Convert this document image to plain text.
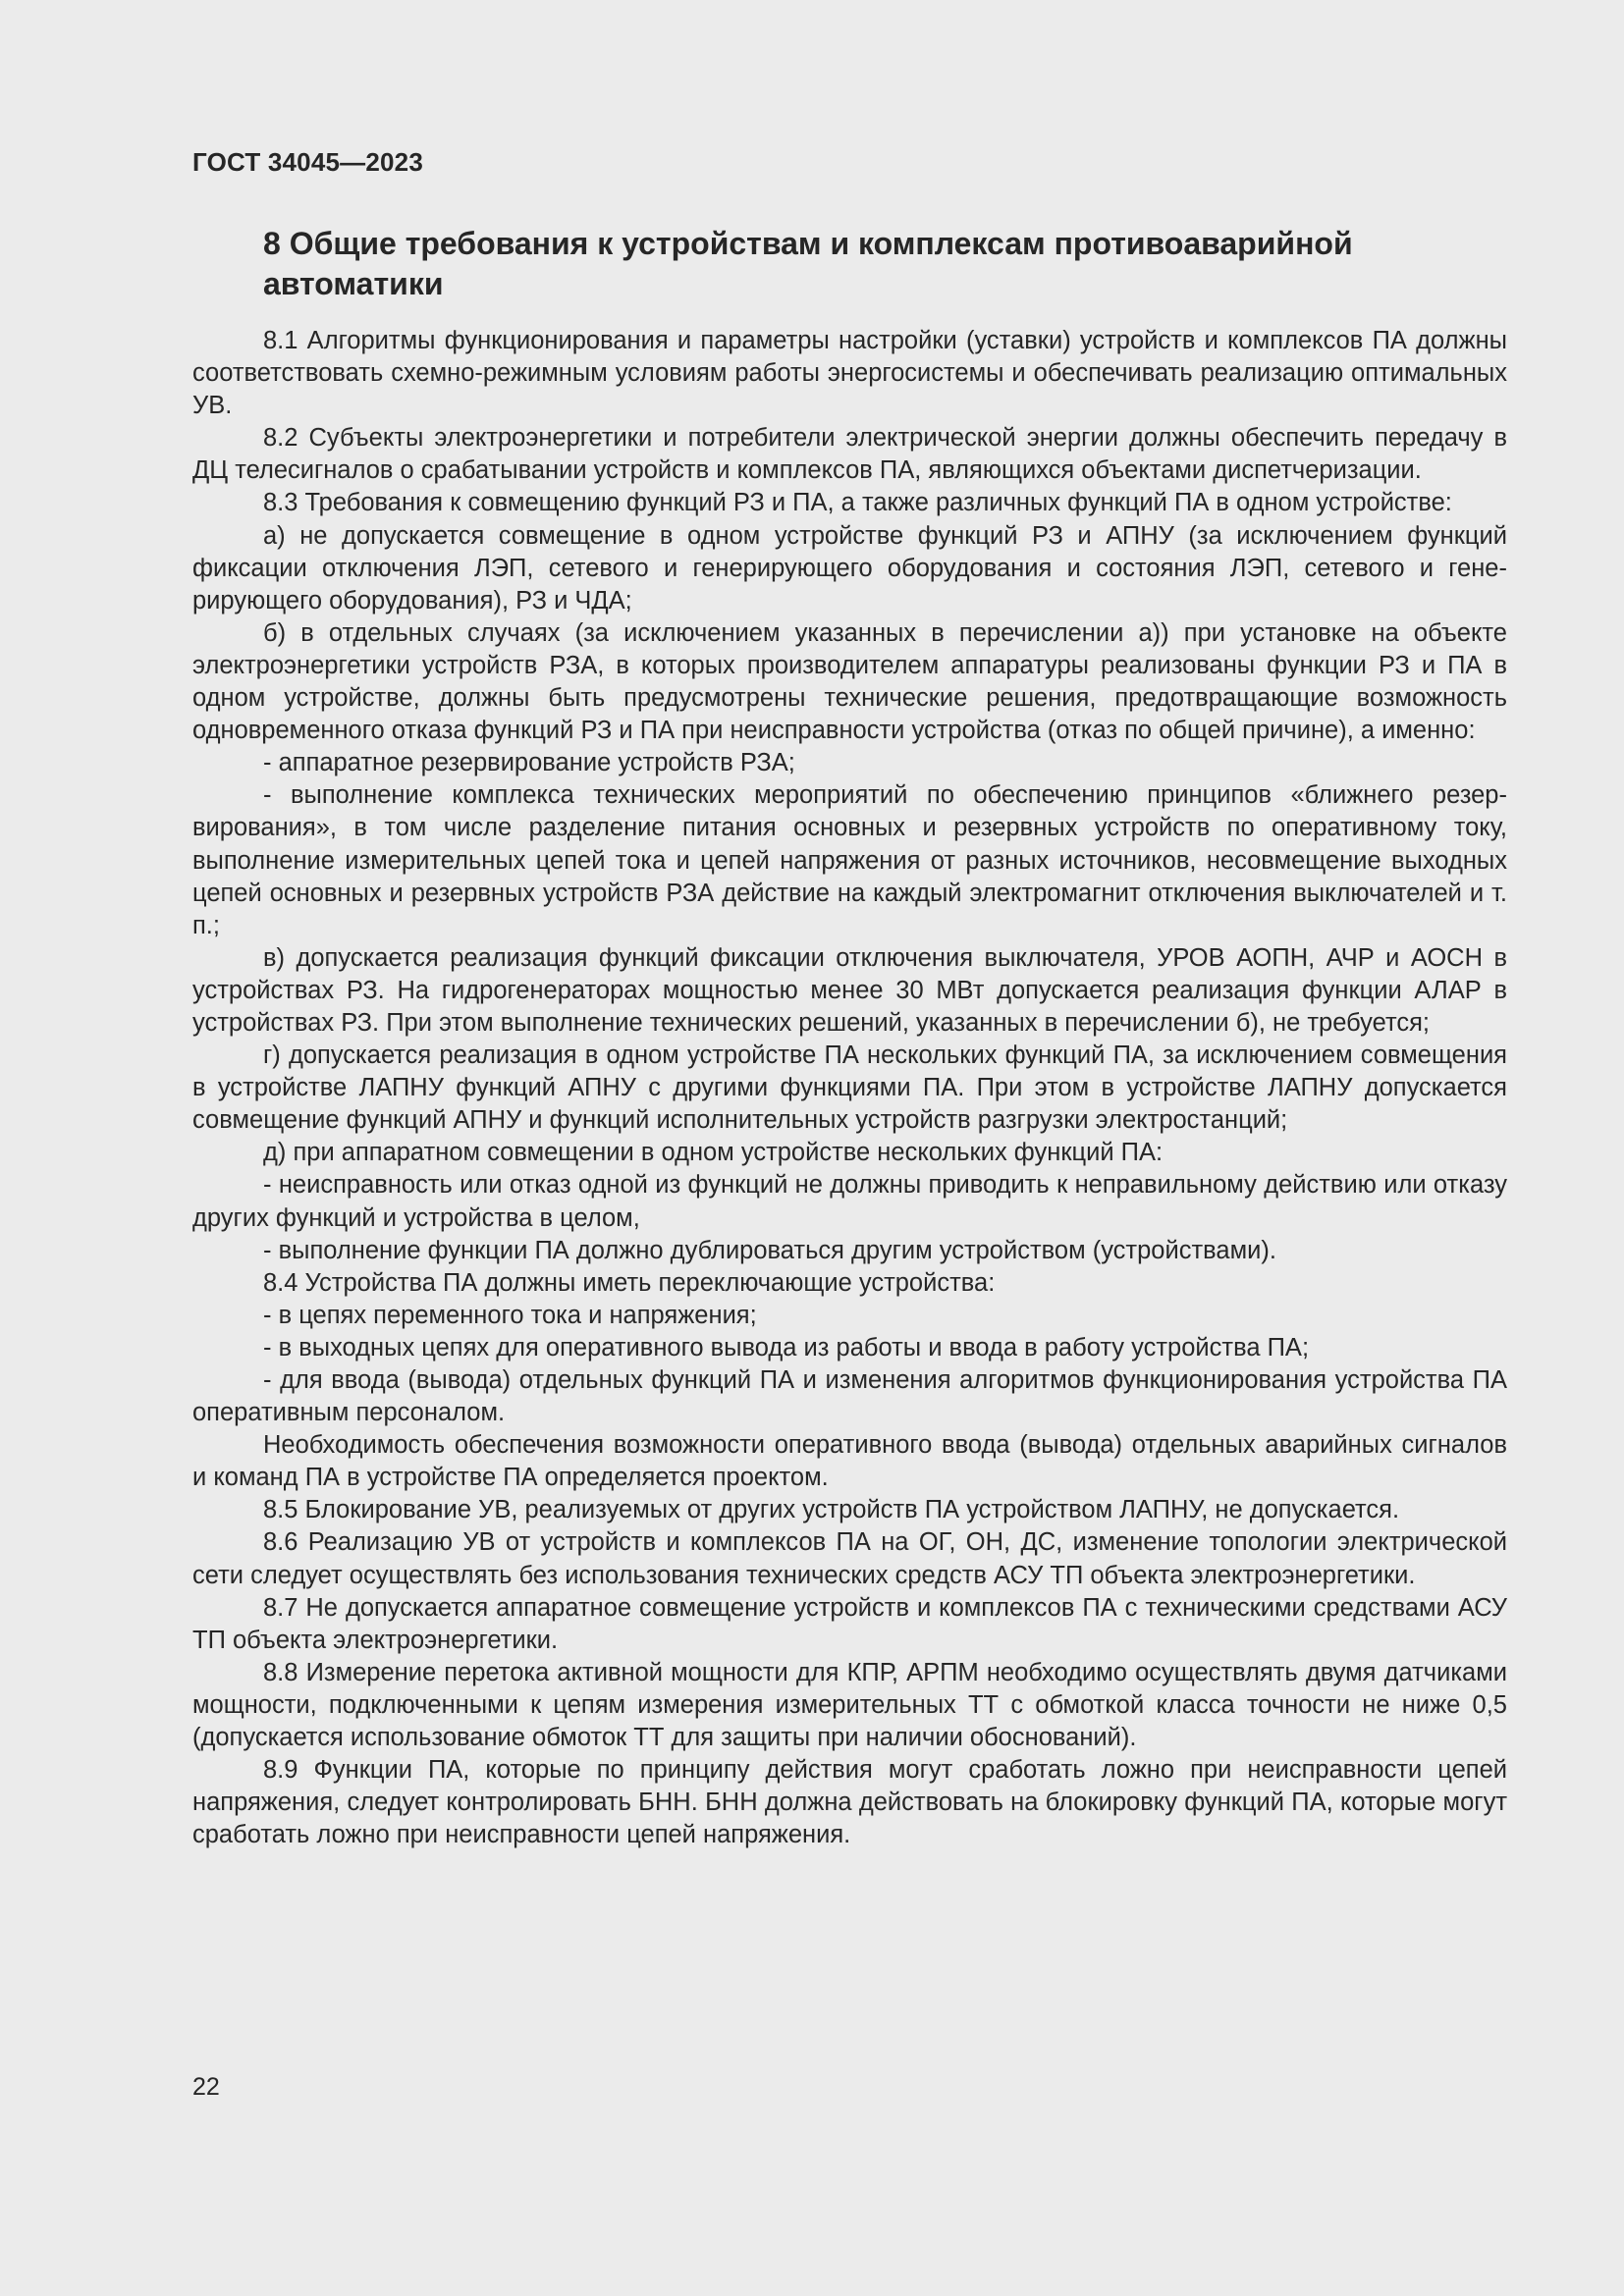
ГОСТ 34045—2023
8 Общие требования к устройствам и комплексам противоаварийной
автоматики

8.1 Алгоритмы функционирования и параметры настройки (уставки) устройств и комплексов ПА должны соответствовать схемно-режимным условиям работы энергосистемы и обеспечивать реализацию оптимальных УВ.

8.2 Субъекты электроэнергетики и потребители электрической энергии должны обеспечить передачу в ДЦ телесигналов о срабатывании устройств и комплексов ПА, являющихся объектами диспетчеризации.

8.3 Требования к совмещению функций РЗ и ПА, а также различных функций ПА в одном устройстве:

а) не допускается совмещение в одном устройстве функций РЗ и АПНУ (за исключением функций фиксации отключения ЛЭП, сетевого и генерирующего оборудования и состояния ЛЭП, сетевого и генерирующего оборудования), РЗ и ЧДА;

б) в отдельных случаях (за исключением указанных в перечислении а)) при установке на объекте электроэнергетики устройств РЗА, в которых производителем аппаратуры реализованы функции РЗ и ПА в одном устройстве, должны быть предусмотрены технические решения, предотвращающие возможность одновременного отказа функций РЗ и ПА при неисправности устройства (отказ по общей причине), а именно:

- аппаратное резервирование устройств РЗА;

- выполнение комплекса технических мероприятий по обеспечению принципов «ближнего резервирования», в том числе разделение питания основных и резервных устройств по оперативному току, выполнение измерительных цепей тока и цепей напряжения от разных источников, несовмещение выходных цепей основных и резервных устройств РЗА действие на каждый электромагнит отключения выключателей и т. п.;

в) допускается реализация функций фиксации отключения выключателя, УРОВ АОПН, АЧР и АОСН в устройствах РЗ. На гидрогенераторах мощностью менее 30 МВт допускается реализация функции АЛАР в устройствах РЗ. При этом выполнение технических решений, указанных в перечислении б), не требуется;

г) допускается реализация в одном устройстве ПА нескольких функций ПА, за исключением совмещения в устройстве ЛАПНУ функций АПНУ с другими функциями ПА. При этом в устройстве ЛАПНУ допускается совмещение функций АПНУ и функций исполнительных устройств разгрузки электростанций;

д) при аппаратном совмещении в одном устройстве нескольких функций ПА:

- неисправность или отказ одной из функций не должны приводить к неправильному действию или отказу других функций и устройства в целом,

- выполнение функции ПА должно дублироваться другим устройством (устройствами).

8.4 Устройства ПА должны иметь переключающие устройства:

- в цепях переменного тока и напряжения;

- в выходных цепях для оперативного вывода из работы и ввода в работу устройства ПА;

- для ввода (вывода) отдельных функций ПА и изменения алгоритмов функционирования устройства ПА оперативным персоналом.

Необходимость обеспечения возможности оперативного ввода (вывода) отдельных аварийных сигналов и команд ПА в устройстве ПА определяется проектом.

8.5 Блокирование УВ, реализуемых от других устройств ПА устройством ЛАПНУ, не допускается.

8.6 Реализацию УВ от устройств и комплексов ПА на ОГ, ОН, ДС, изменение топологии электрической сети следует осуществлять без использования технических средств АСУ ТП объекта электроэнергетики.

8.7 Не допускается аппаратное совмещение устройств и комплексов ПА с техническими средствами АСУ ТП объекта электроэнергетики.

8.8 Измерение перетока активной мощности для КПР, АРПМ необходимо осуществлять двумя датчиками мощности, подключенными к цепям измерения измерительных ТТ с обмоткой класса точности не ниже 0,5 (допускается использование обмоток ТТ для защиты при наличии обоснований).

8.9 Функции ПА, которые по принципу действия могут сработать ложно при неисправности цепей напряжения, следует контролировать БНН. БНН должна действовать на блокировку функций ПА, которые могут сработать ложно при неисправности цепей напряжения.

22
